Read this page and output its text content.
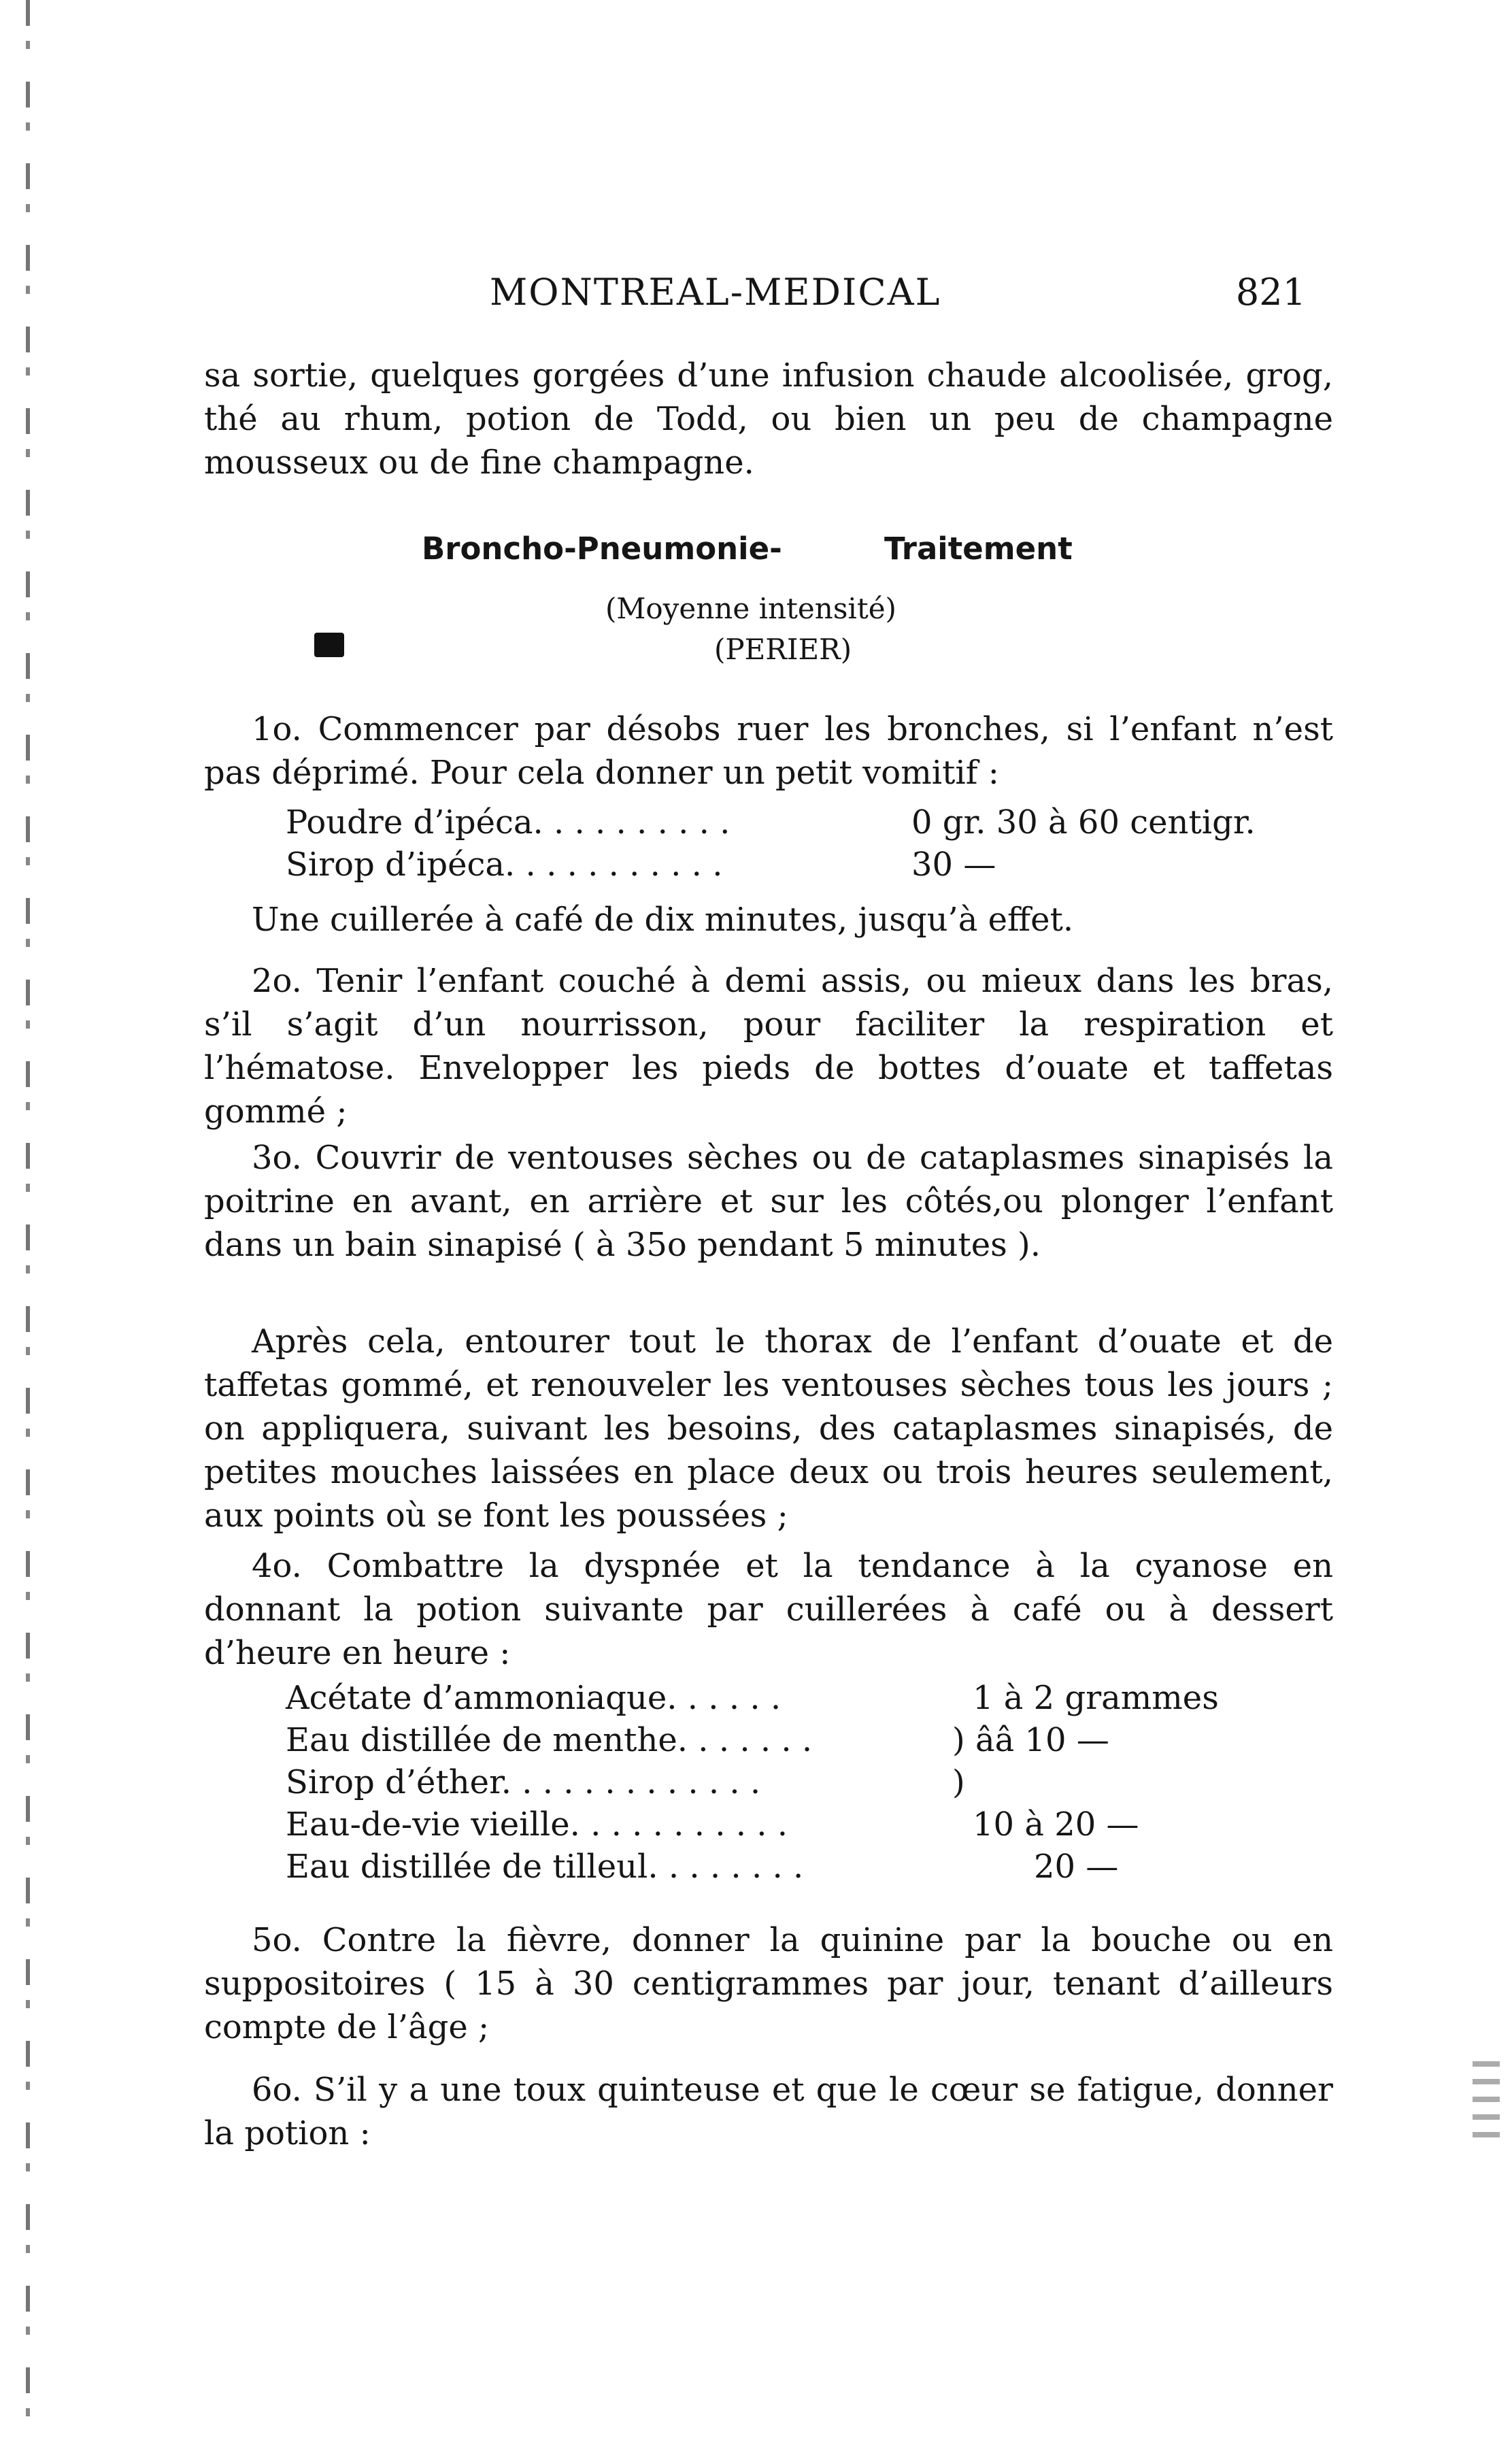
MONTREAL-MEDICAL	821
sa sortie, quelques gorgées d’une infusion chaude alcoolisée, grog, thé au rhum, potion de Todd, ou bien un peu de champagne mousseux ou de fine champagne.
Broncho-Pneumonie-	Traitement
(Moyenne intensité)
(PERIER)
1o. Commencer par désobs ruer les bronches, si l’enfant n’est pas déprimé. Pour cela donner un petit vomitif :
Poudre d’ipéca. . . . . . . . . .	0 gr. 30 à 60 centigr.
Sirop d’ipéca. . . . . . . . . . .	30 —
Une cuillerée à café de dix minutes, jusqu’à effet.
2o. Tenir l’enfant couché à demi assis, ou mieux dans les bras, s’il s’agit d’un nourrisson, pour faciliter la respiration et l’hématose. Envelopper les pieds de bottes d’ouate et taffetas gommé ;
3o. Couvrir de ventouses sèches ou de cataplasmes sinapisés la poitrine en avant, en arrière et sur les côtés,ou plonger l’enfant dans un bain sinapisé ( à 35o pendant 5 minutes ).
Après cela, entourer tout le thorax de l’enfant d’ouate et de taffetas gommé, et renouveler les ventouses sèches tous les jours ; on appliquera, suivant les besoins, des cataplasmes sinapisés, de petites mouches laissées en place deux ou trois heures seulement, aux points où se font les poussées ;
4o. Combattre la dyspnée et la tendance à la cyanose en donnant la potion suivante par cuillerées à café ou à dessert d’heure en heure :
Acétate d’ammoniaque. . . . . .	1 à 2 grammes
Eau distillée de menthe. . . . . . .	) ââ 10 —
Sirop d’éther. . . . . . . . . . . . .	)
Eau-de-vie vieille. . . . . . . . . . .	10 à 20 —
Eau distillée de tilleul. . . . . . . .	20 —
5o. Contre la fièvre, donner la quinine par la bouche ou en suppositoires ( 15 à 30 centigrammes par jour, tenant d’ailleurs compte de l’âge ;
6o. S’il y a une toux quinteuse et que le cœur se fatigue, donner la potion :
